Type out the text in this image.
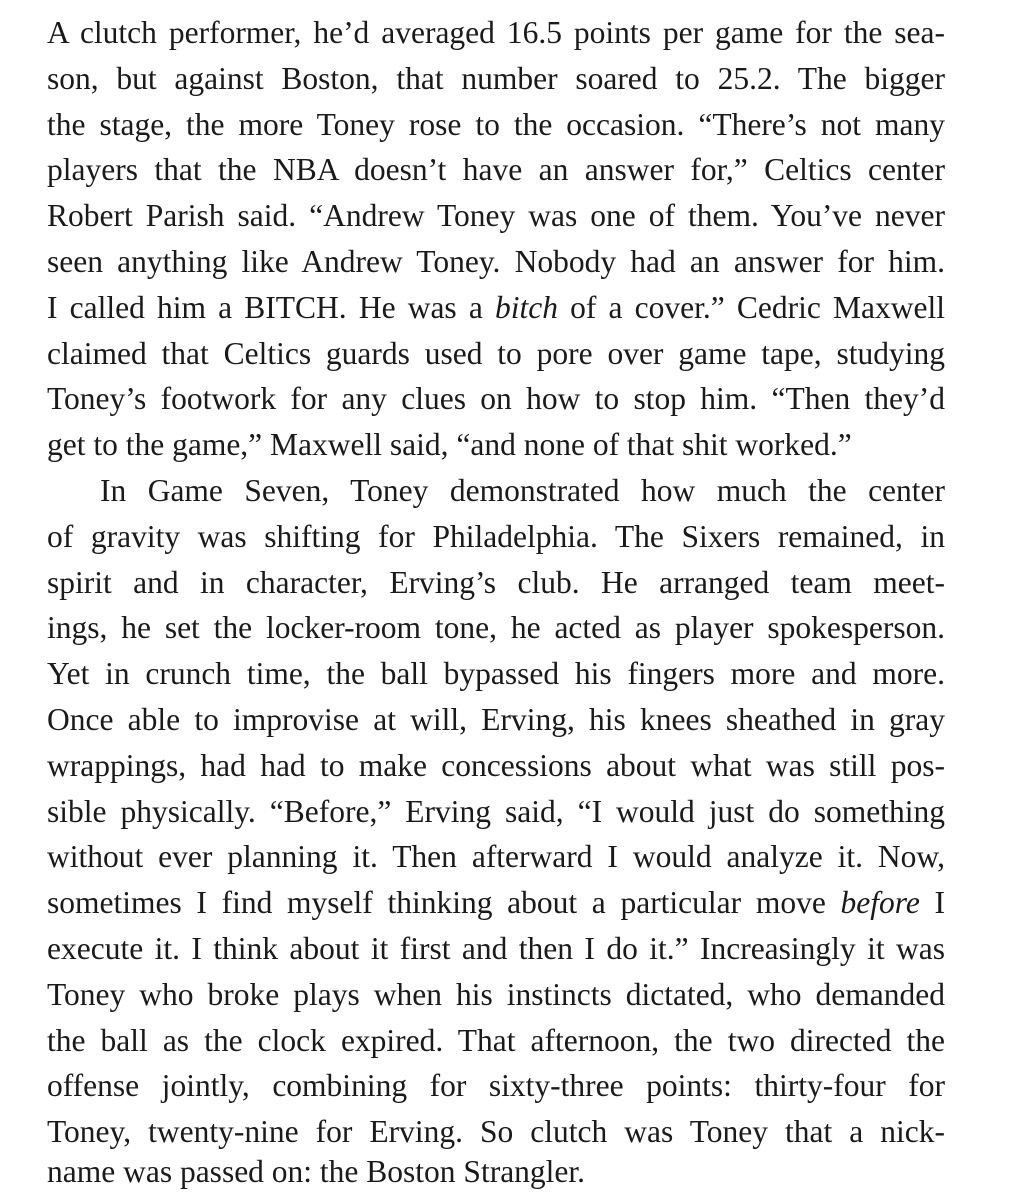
A clutch performer, he’d averaged 16.5 points per game for the sea-
son, but against Boston, that number soared to 25.2. The bigger
the stage, the more Toney rose to the occasion. “There’s not many
players that the NBA doesn’t have an answer for,” Celtics center
Robert Parish said. “Andrew Toney was one of them. You’ve never
seen anything like Andrew Toney. Nobody had an answer for him.
I called him a BITCH. He was a bitch of a cover.” Cedric Maxwell
claimed that Celtics guards used to pore over game tape, studying
Toney’s footwork for any clues on how to stop him. “Then they’d
get to the game,” Maxwell said, “and none of that shit worked.”
In Game Seven, Toney demonstrated how much the center
of gravity was shifting for Philadelphia. The Sixers remained, in
spirit and in character, Erving’s club. He arranged team meet-
ings, he set the locker-room tone, he acted as player spokesperson.
Yet in crunch time, the ball bypassed his fingers more and more.
Once able to improvise at will, Erving, his knees sheathed in gray
wrappings, had had to make concessions about what was still pos-
sible physically. “Before,” Erving said, “I would just do something
without ever planning it. Then afterward I would analyze it. Now,
sometimes I find myself thinking about a particular move before I
execute it. I think about it first and then I do it.” Increasingly it was
Toney who broke plays when his instincts dictated, who demanded
the ball as the clock expired. That afternoon, the two directed the
offense jointly, combining for sixty-three points: thirty-four for
Toney, twenty-nine for Erving. So clutch was Toney that a nick-
name was passed on: the Boston Strangler.
